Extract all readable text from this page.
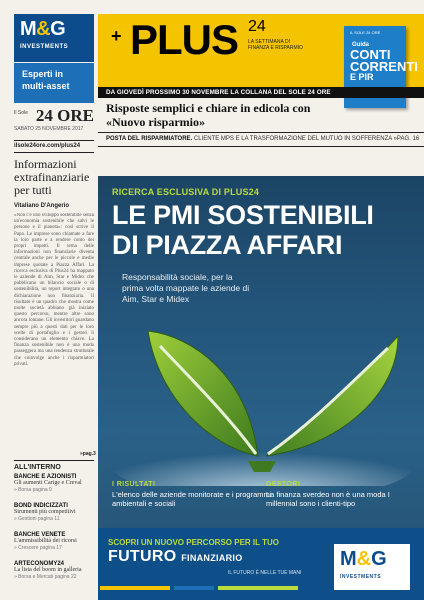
M&G
INVESTMENTS
Esperti in multi-asset
Il Sole 24 ORE
SABATO 25 NOVEMBRE 2017
ilsole24ore.com/plus24
Informazioni extrafinanziarie per tutti
Vitaliano D'Angerio
«Non c'è uno sviluppo sostenibile senza un'economia sostenibile che salvi le persone e il pianeta»: così scrive il Papa. Le imprese sono chiamate a fare la loro parte e a rendere conto dei propri impatti. Il tema delle informazioni non finanziarie diventa centrale anche per le piccole e medie imprese quotate a Piazza Affari. La ricerca esclusiva di Plus24 ha mappato le aziende di Aim, Star e Midex che pubblicano un bilancio sociale o di sostenibilità, un report integrato o una dichiarazione non finanziaria. Il risultato è un quadro che mostra come molte società abbiano già iniziato questo percorso, mentre altre sono ancora lontane. Gli investitori guardano sempre più a questi dati per le loro scelte di portafoglio e i gestori li considerano un elemento chiave. La finanza sostenibile non è una moda passeggera ma una tendenza strutturale che coinvolge anche i risparmiatori privati.
»pag.3
ALL'INTERNO
BANCHE E AZIONISTI
Gli aumenti Carige e Creval
» Borsa pagina 9
BOND INDICIZZATI
Strumenti più competitivi
» Gestioni pagina 11
BANCHE VENETE
L'ammissibilità dei ricorsi
» Crescere pagina 17
ARTECONOMY24
La lista del boom in galleria
» Borsa e Mercati pagina 22
+ PLUS 24
LA SETTIMANA DI FINANZA E RISPARMIO
IL SOLE 24 ORE
Guida
CONTI CORRENTI
E PIR
DA GIOVEDÌ PROSSIMO 30 NOVEMBRE LA COLLANA DEL SOLE 24 ORE
Risposte semplici e chiare in edicola con «Nuovo risparmio»
POSTA DEL RISPARMIATORE. CLIENTE MPS E LA TRASFORMAZIONE DEL MUTUO IN SOFFERENZA »PAG. 16
RICERCA ESCLUSIVA DI PLUS24
LE PMI SOSTENIBILI
DI PIAZZA AFFARI
Responsabilità sociale, per la prima volta mappate le aziende di Aim, Star e Midex
I RISULTATI
L'elenco delle aziende monitorate e i programmi ambientali e sociali
GESTORI
La finanza sverdeo non è una moda I millennial sono i clienti-tipo
SCOPRI UN NUOVO PERCORSO PER IL TUO
FUTURO FINANZIARIO
IL FUTURO È NELLE TUE MANI
M&G
INVESTMENTS
